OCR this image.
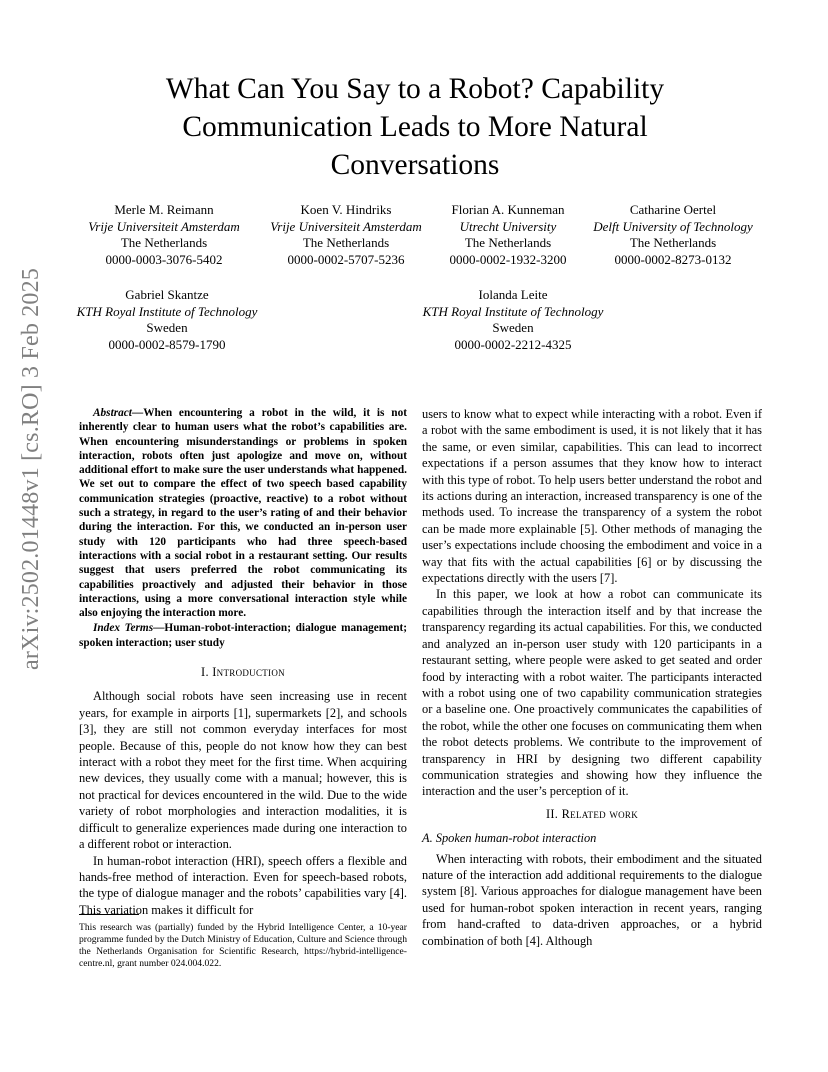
arXiv:2502.01448v1 [cs.RO] 3 Feb 2025
What Can You Say to a Robot? Capability Communication Leads to More Natural Conversations
Merle M. Reimann
Vrije Universiteit Amsterdam
The Netherlands
0000-0003-3076-5402
Koen V. Hindriks
Vrije Universiteit Amsterdam
The Netherlands
0000-0002-5707-5236
Florian A. Kunneman
Utrecht University
The Netherlands
0000-0002-1932-3200
Catharine Oertel
Delft University of Technology
The Netherlands
0000-0002-8273-0132
Gabriel Skantze
KTH Royal Institute of Technology
Sweden
0000-0002-8579-1790
Iolanda Leite
KTH Royal Institute of Technology
Sweden
0000-0002-2212-4325

Abstract—When encountering a robot in the wild, it is not inherently clear to human users what the robot’s capabilities are. When encountering misunderstandings or problems in spoken interaction, robots often just apologize and move on, without additional effort to make sure the user understands what happened. We set out to compare the effect of two speech based capability communication strategies (proactive, reactive) to a robot without such a strategy, in regard to the user’s rating of and their behavior during the interaction. For this, we conducted an in-person user study with 120 participants who had three speech-based interactions with a social robot in a restaurant setting. Our results suggest that users preferred the robot communicating its capabilities proactively and adjusted their behavior in those interactions, using a more conversational interaction style while also enjoying the interaction more.

Index Terms—Human-robot-interaction; dialogue management; spoken interaction; user study

I. Introduction

Although social robots have seen increasing use in recent years, for example in airports [1], supermarkets [2], and schools [3], they are still not common everyday interfaces for most people. Because of this, people do not know how they can best interact with a robot they meet for the first time. When acquiring new devices, they usually come with a manual; however, this is not practical for devices encountered in the wild. Due to the wide variety of robot morphologies and interaction modalities, it is difficult to generalize experiences made during one interaction to a different robot or interaction.

In human-robot interaction (HRI), speech offers a flexible and hands-free method of interaction. Even for speech-based robots, the type of dialogue manager and the robots’ capabilities vary [4]. This variation makes it difficult for

users to know what to expect while interacting with a robot. Even if a robot with the same embodiment is used, it is not likely that it has the same, or even similar, capabilities. This can lead to incorrect expectations if a person assumes that they know how to interact with this type of robot. To help users better understand the robot and its actions during an interaction, increased transparency is one of the methods used. To increase the transparency of a system the robot can be made more explainable [5]. Other methods of managing the user’s expectations include choosing the embodiment and voice in a way that fits with the actual capabilities [6] or by discussing the expectations directly with the users [7].

In this paper, we look at how a robot can communicate its capabilities through the interaction itself and by that increase the transparency regarding its actual capabilities. For this, we conducted and analyzed an in-person user study with 120 participants in a restaurant setting, where people were asked to get seated and order food by interacting with a robot waiter. The participants interacted with a robot using one of two capability communication strategies or a baseline one. One proactively communicates the capabilities of the robot, while the other one focuses on communicating them when the robot detects problems. We contribute to the improvement of transparency in HRI by designing two different capability communication strategies and showing how they influence the interaction and the user’s perception of it.

II. Related work
A. Spoken human-robot interaction

When interacting with robots, their embodiment and the situated nature of the interaction add additional requirements to the dialogue system [8]. Various approaches for dialogue management have been used for human-robot spoken interaction in recent years, ranging from hand-crafted to data-driven approaches, or a hybrid combination of both [4]. Although

This research was (partially) funded by the Hybrid Intelligence Center, a 10-year programme funded by the Dutch Ministry of Education, Culture and Science through the Netherlands Organisation for Scientific Research, https://hybrid-intelligence-centre.nl, grant number 024.004.022.
